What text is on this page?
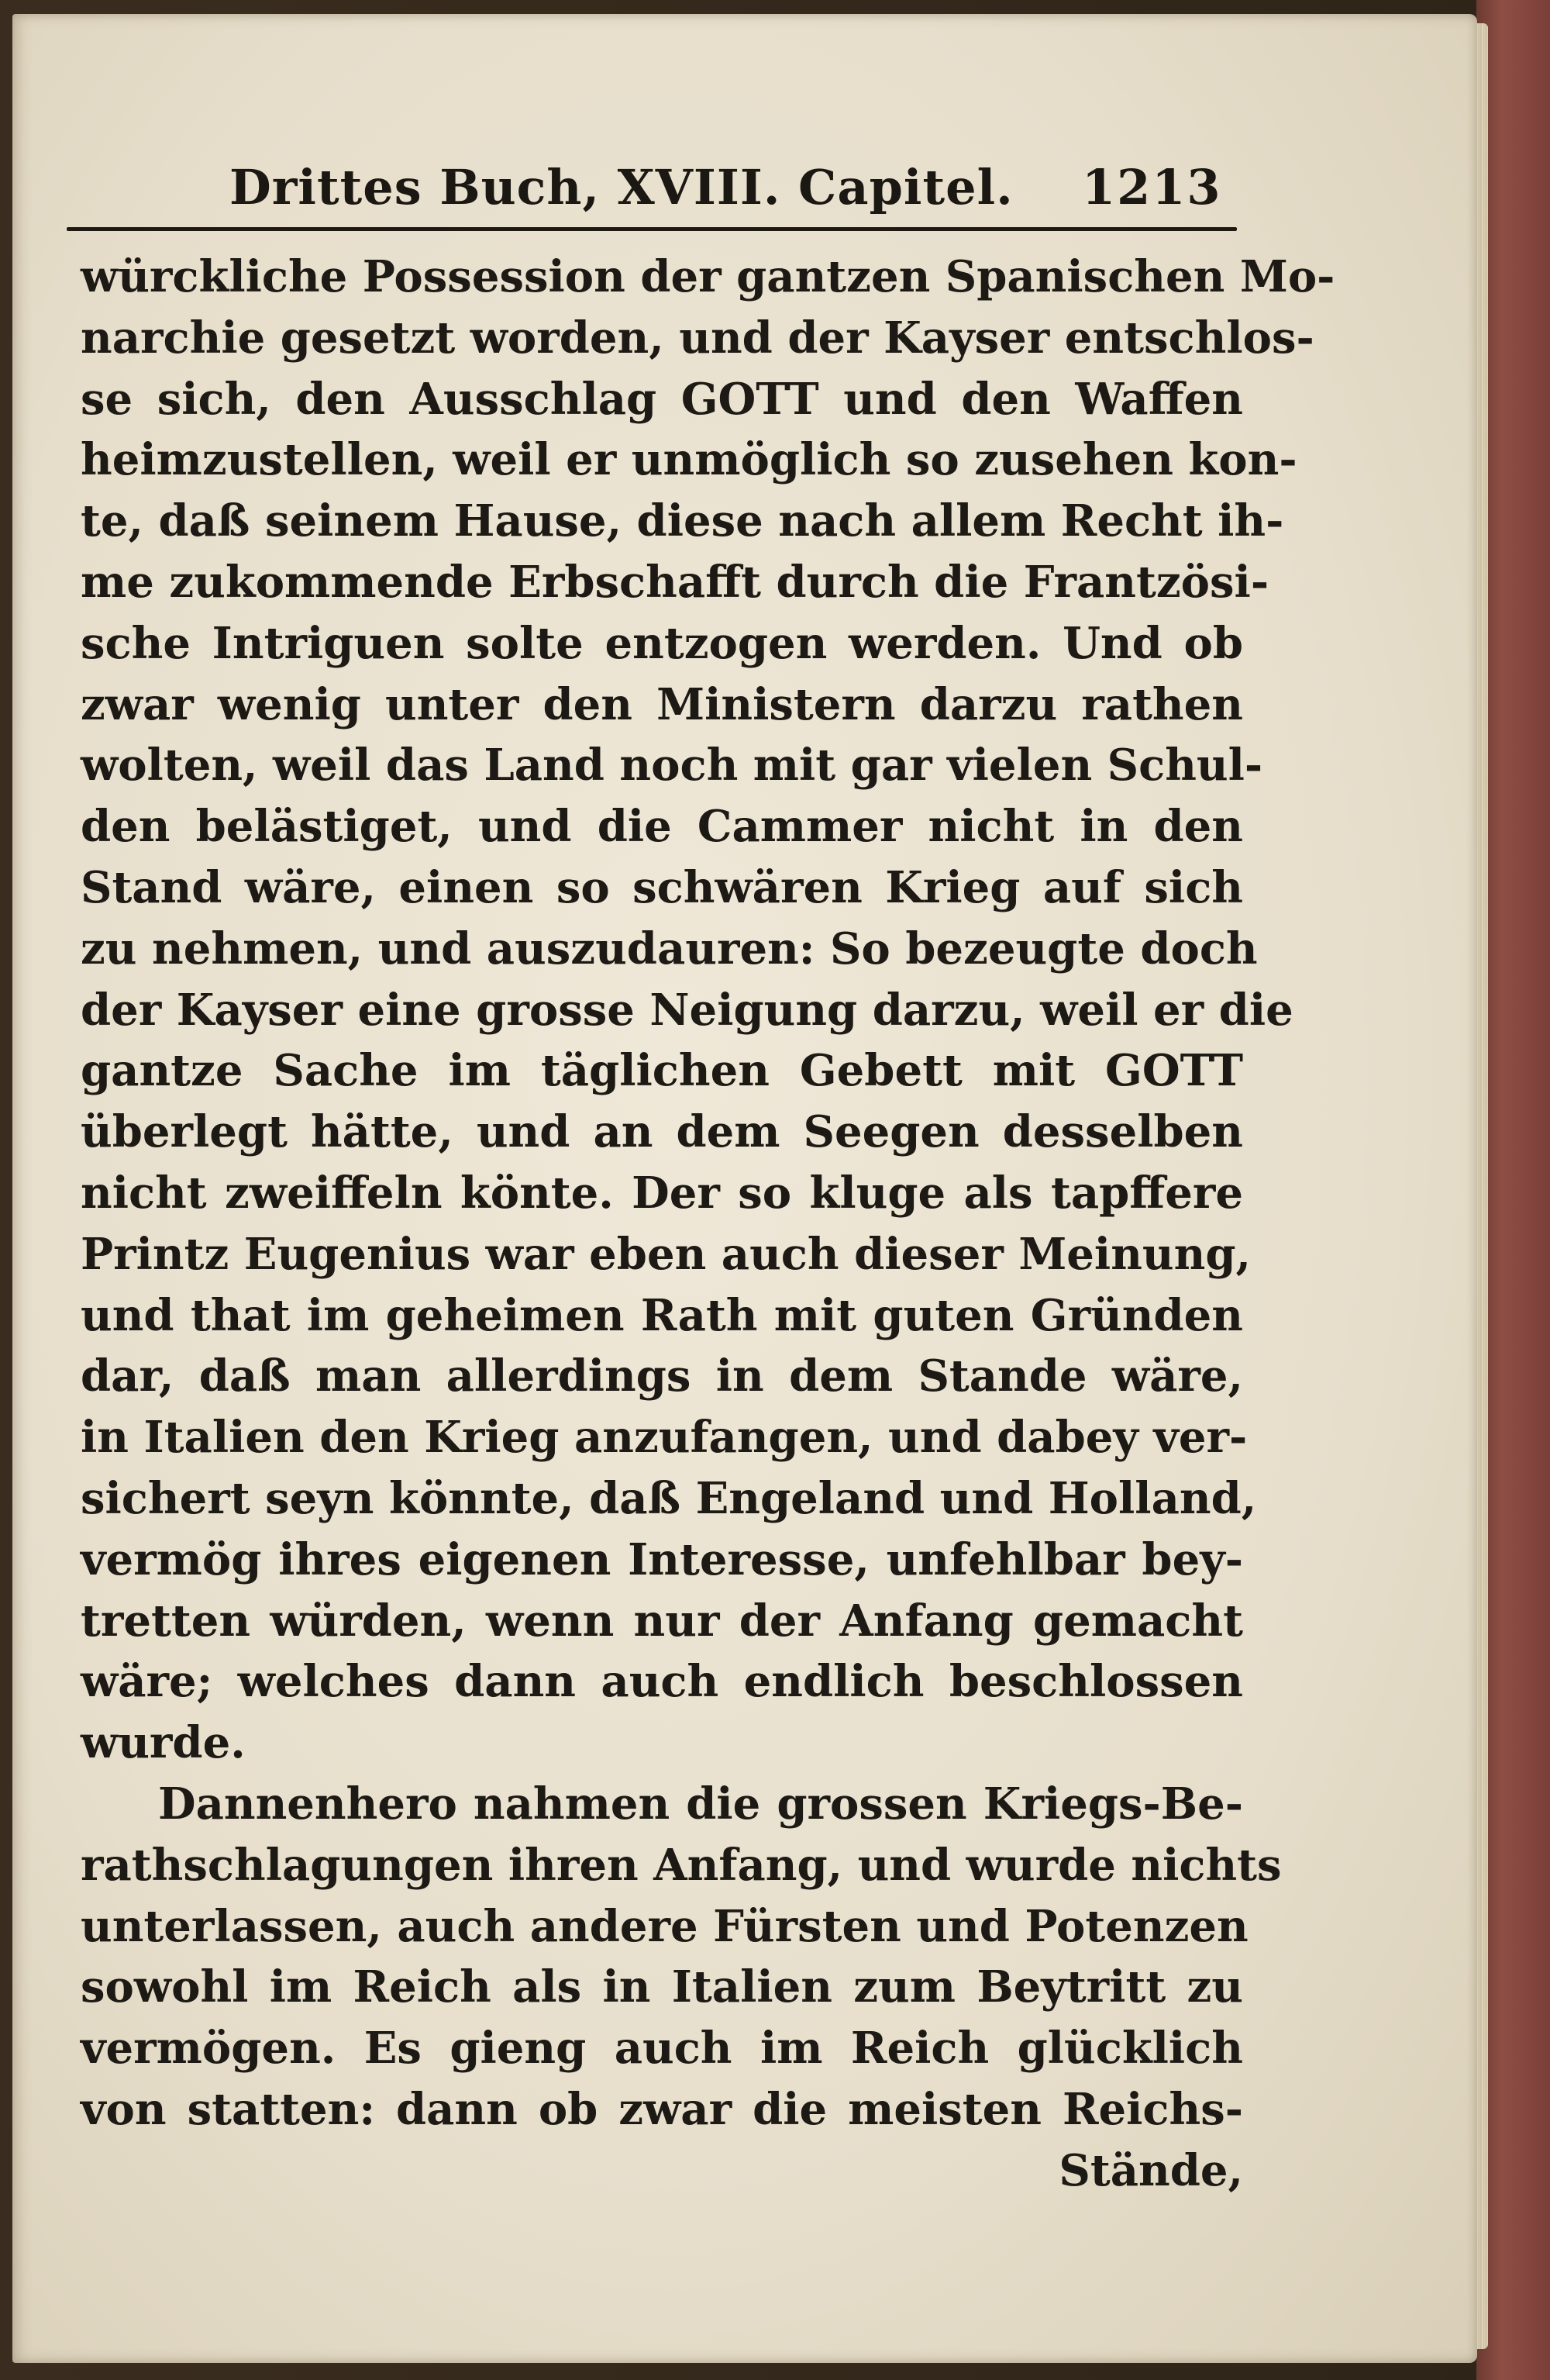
Drittes Buch, XVIII. Capitel. 1213
würckliche Possession der gantzen Spanischen Mo-
narchie gesetzt worden, und der Kayser entschlos-
se sich, den Ausschlag GOTT und den Waffen
heimzustellen, weil er unmöglich so zusehen kon-
te, daß seinem Hause, diese nach allem Recht ih-
me zukommende Erbschafft durch die Frantzösi-
sche Intriguen solte entzogen werden. Und ob
zwar wenig unter den Ministern darzu rathen
wolten, weil das Land noch mit gar vielen Schul-
den belästiget, und die Cammer nicht in den
Stand wäre, einen so schwären Krieg auf sich
zu nehmen, und auszudauren: So bezeugte doch
der Kayser eine grosse Neigung darzu, weil er die
gantze Sache im täglichen Gebett mit GOTT
überlegt hätte, und an dem Seegen desselben
nicht zweiffeln könte. Der so kluge als tapffere
Printz Eugenius war eben auch dieser Meinung,
und that im geheimen Rath mit guten Gründen
dar, daß man allerdings in dem Stande wäre,
in Italien den Krieg anzufangen, und dabey ver-
sichert seyn könnte, daß Engeland und Holland,
vermög ihres eigenen Interesse, unfehlbar bey-
tretten würden, wenn nur der Anfang gemacht
wäre; welches dann auch endlich beschlossen
wurde.
Dannenhero nahmen die grossen Kriegs-Be-
rathschlagungen ihren Anfang, und wurde nichts
unterlassen, auch andere Fürsten und Potenzen
sowohl im Reich als in Italien zum Beytritt zu
vermögen. Es gieng auch im Reich glücklich
von statten: dann ob zwar die meisten Reichs-
Stände,
